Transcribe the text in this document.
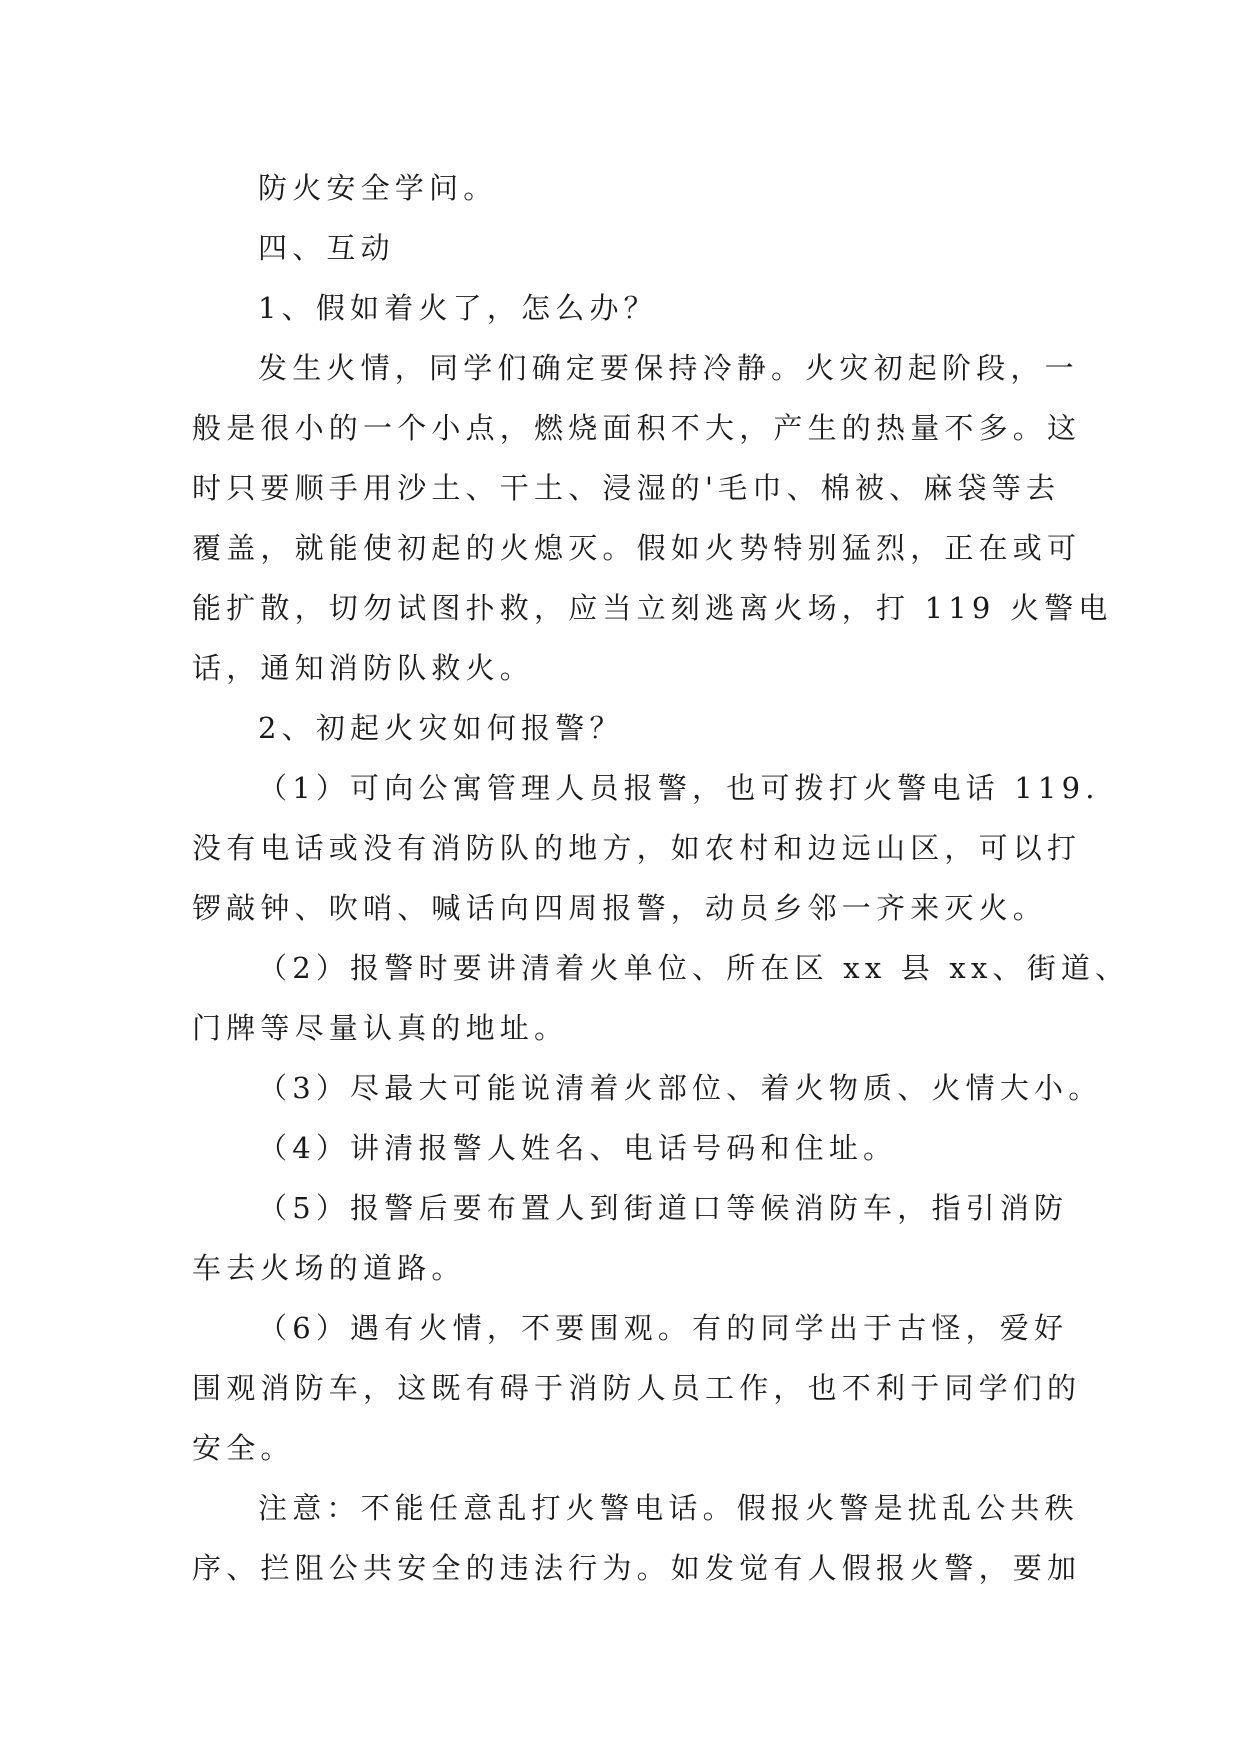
防火安全学问。
四、互动
1、假如着火了，怎么办？
发生火情，同学们确定要保持冷静。火灾初起阶段，一
般是很小的一个小点，燃烧面积不大，产生的热量不多。这
时只要顺手用沙土、干土、浸湿的'毛巾、棉被、麻袋等去
覆盖，就能使初起的火熄灭。假如火势特别猛烈，正在或可
能扩散，切勿试图扑救，应当立刻逃离火场，打 119 火警电
话，通知消防队救火。
2、初起火灾如何报警？
（1）可向公寓管理人员报警，也可拨打火警电话 119.
没有电话或没有消防队的地方，如农村和边远山区，可以打
锣敲钟、吹哨、喊话向四周报警，动员乡邻一齐来灭火。
（2）报警时要讲清着火单位、所在区 xx 县 xx、街道、
门牌等尽量认真的地址。
（3）尽最大可能说清着火部位、着火物质、火情大小。
（4）讲清报警人姓名、电话号码和住址。
（5）报警后要布置人到街道口等候消防车，指引消防
车去火场的道路。
（6）遇有火情，不要围观。有的同学出于古怪，爱好
围观消防车，这既有碍于消防人员工作，也不利于同学们的
安全。
注意：不能任意乱打火警电话。假报火警是扰乱公共秩
序、拦阻公共安全的违法行为。如发觉有人假报火警，要加
